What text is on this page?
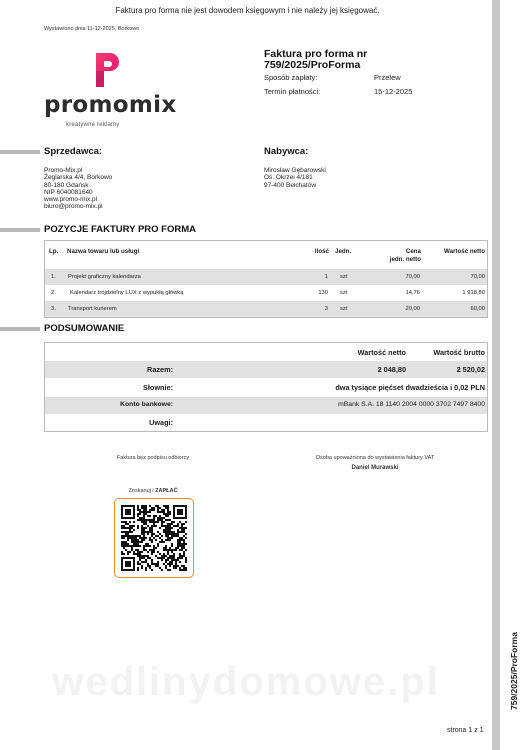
Faktura pro forma nie jest dowodem księgowym i nie należy jej księgować.
Wystawiono dnia 11-12-2025, Borkowo
759/2025/ProForma
wedlinydomowe.pl
promomix
kreatywne reklamy
Faktura pro forma nr
759/2025/ProForma
Sposób zapłaty:	Przelew
Termin płatności:	15-12-2025
Sprzedawca:
Promo-Mix.pl
Żeglarska 4/4, Borkowo
80-180 Gdańsk
NIP 6040081640
www.promo-mix.pl
biuro@promo-mix.pl
Nabywca:
Mirosław Gębarowski
Oś. Okrzei 4/181
97-400 Bełchatów
POZYCJE FAKTURY PRO FORMA
Lp.	Nazwa towaru lub usługi	Ilość	Jedn.	Cena
jedn. netto	Wartość netto
1.	Projekt graficzny kalendarza	1	szt	70,00	70,00
2.	Kalendarz trójdzielny LUX z wypukłą główką	130	szt	14,76	1 918,80
3.	Transport kurierem	3	szt	20,00	60,00
PODSUMOWANIE
Wartość netto	Wartość brutto
Razem:	2 048,80	2 520,02
Słownie:	dwa tysiące pięćset dwadzieścia i 0,02 PLN
Konto bankowe:	mBank S.A. 18 1140 2004 0000 3702 7497 8400
Uwagi:
Faktura bez podpisu odbiorcy	Osoba upoważniona do wystawienia faktury VAT
Daniel Murawski
Zeskanuj i ZAPŁAĆ
strona 1 z 1
